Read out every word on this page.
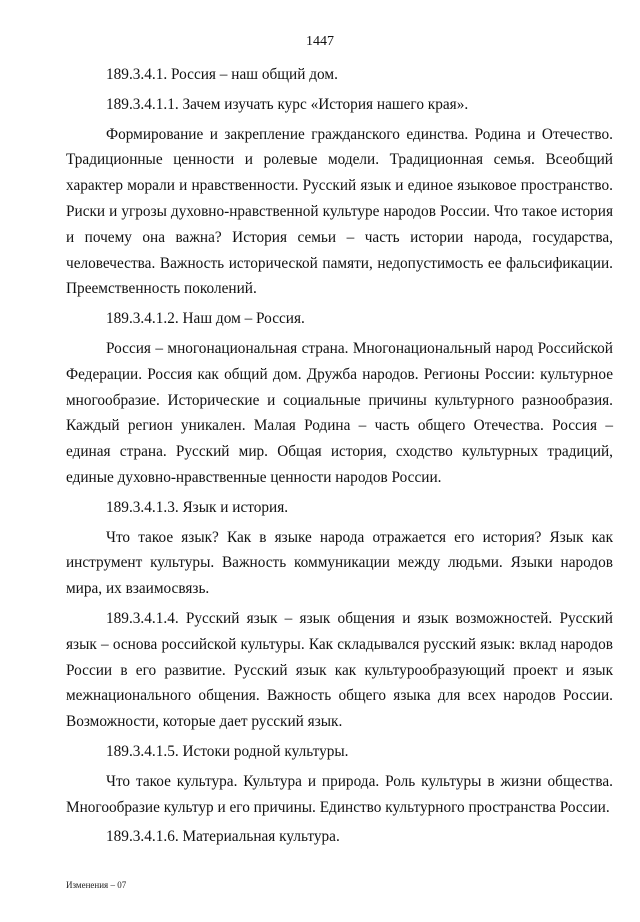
1447

189.3.4.1. Россия – наш общий дом.

189.3.4.1.1. Зачем изучать курс «История нашего края».

Формирование и закрепление гражданского единства. Родина и Отечество. Традиционные ценности и ролевые модели. Традиционная семья. Всеобщий характер морали и нравственности. Русский язык и единое языковое пространство. Риски и угрозы духовно-нравственной культуре народов России. Что такое история и почему она важна? История семьи – часть истории народа, государства, человечества. Важность исторической памяти, недопустимость ее фальсификации. Преемственность поколений.

189.3.4.1.2. Наш дом – Россия.

Россия – многонациональная страна. Многонациональный народ Российской Федерации. Россия как общий дом. Дружба народов. Регионы России: культурное многообразие. Исторические и социальные причины культурного разнообразия. Каждый регион уникален. Малая Родина – часть общего Отечества. Россия – единая страна. Русский мир. Общая история, сходство культурных традиций, единые духовно-нравственные ценности народов России.

189.3.4.1.3. Язык и история.

Что такое язык? Как в языке народа отражается его история? Язык как инструмент культуры. Важность коммуникации между людьми. Языки народов мира, их взаимосвязь.

189.3.4.1.4. Русский язык – язык общения и язык возможностей. Русский язык – основа российской культуры. Как складывался русский язык: вклад народов России в его развитие. Русский язык как культурообразующий проект и язык межнационального общения. Важность общего языка для всех народов России. Возможности, которые дает русский язык.

189.3.4.1.5. Истоки родной культуры.

Что такое культура. Культура и природа. Роль культуры в жизни общества. Многообразие культур и его причины. Единство культурного пространства России.

189.3.4.1.6. Материальная культура.

Изменения – 07
